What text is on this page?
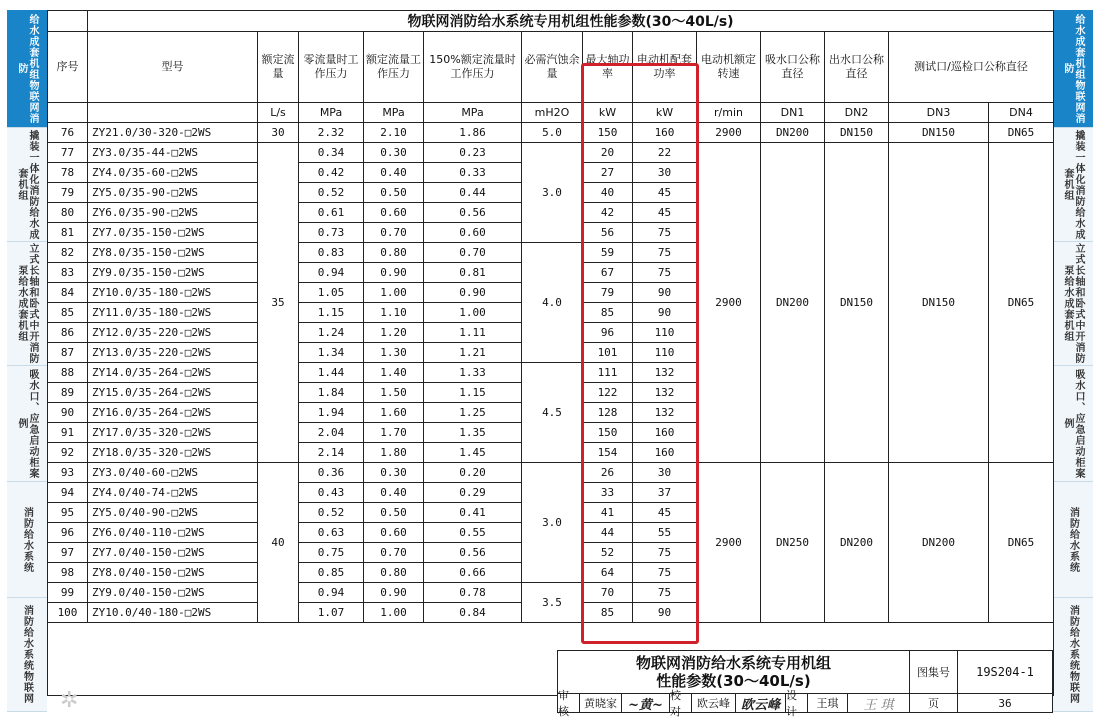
给水成套机组物联网消防
撬装一体化消防给水成套机组
立式长轴和卧式中开消防泵给水成套机组
吸水口、应急启动柜案例
消防给水系统
消防给水系统物联网
给水成套机组物联网消防
撬装一体化消防给水成套机组
立式长轴和卧式中开消防泵给水成套机组
吸水口、应急启动柜案例
消防给水系统
消防给水系统物联网
	物联网消防给水系统专用机组性能参数(30～40L/s)													
序号	型号	额定流量	零流量时工作压力	额定流量工作压力	150%额定流量时工作压力	必需汽蚀余量	最大轴功率	电动机配套功率	电动机额定转速	吸水口公称直径	出水口公称直径	测试口/巡检口公称直径	
		L/s	MPa	MPa	MPa	mH2O	kW	kW	r/min	DN1	DN2	DN3	DN4	
76	ZY21.0/30-320-□2WS	30	2.32	2.10	1.86	5.0	150	160	2900	DN200	DN150	DN150	DN65	
77	ZY3.0/35-44-□2WS	35	0.34	0.30	0.23	3.0	20	22	2900	DN200	DN150	DN150	DN65	
78	ZY4.0/35-60-□2WS		0.42	0.40	0.33		27	30	
79	ZY5.0/35-90-□2WS		0.52	0.50	0.44		40	45	
80	ZY6.0/35-90-□2WS		0.61	0.60	0.56		42	45	
81	ZY7.0/35-150-□2WS		0.73	0.70	0.60		56	75	
82	ZY8.0/35-150-□2WS		0.83	0.80	0.70	4.0	59	75	
83	ZY9.0/35-150-□2WS		0.94	0.90	0.81		67	75	
84	ZY10.0/35-180-□2WS		1.05	1.00	0.90		79	90	
85	ZY11.0/35-180-□2WS		1.15	1.10	1.00		85	90	
86	ZY12.0/35-220-□2WS		1.24	1.20	1.11		96	110	
87	ZY13.0/35-220-□2WS		1.34	1.30	1.21		101	110	
88	ZY14.0/35-264-□2WS		1.44	1.40	1.33	4.5	111	132	
89	ZY15.0/35-264-□2WS		1.84	1.50	1.15		122	132	
90	ZY16.0/35-264-□2WS		1.94	1.60	1.25		128	132	
91	ZY17.0/35-320-□2WS		2.04	1.70	1.35		150	160	
92	ZY18.0/35-320-□2WS		2.14	1.80	1.45		154	160	
93	ZY3.0/40-60-□2WS	40	0.36	0.30	0.20	3.0	26	30	2900	DN250	DN200	DN200	DN65	
94	ZY4.0/40-74-□2WS		0.43	0.40	0.29		33	37	
95	ZY5.0/40-90-□2WS		0.52	0.50	0.41		41	45	
96	ZY6.0/40-110-□2WS		0.63	0.60	0.55		44	55	
97	ZY7.0/40-150-□2WS		0.75	0.70	0.56		52	75	
98	ZY8.0/40-150-□2WS		0.85	0.80	0.66		64	75	
99	ZY9.0/40-150-□2WS		0.94	0.90	0.78	3.5	70	75	
100	ZY10.0/40-180-□2WS		1.07	1.00	0.84		85	90	

物联网消防给水系统专用机组
性能参数(30～40L/s)	图集号	19S204-1
审核
黄晓家 ~黄~
校对
欧云峰 欧云峰
设计
王琪	王 琪	页	36
✲
